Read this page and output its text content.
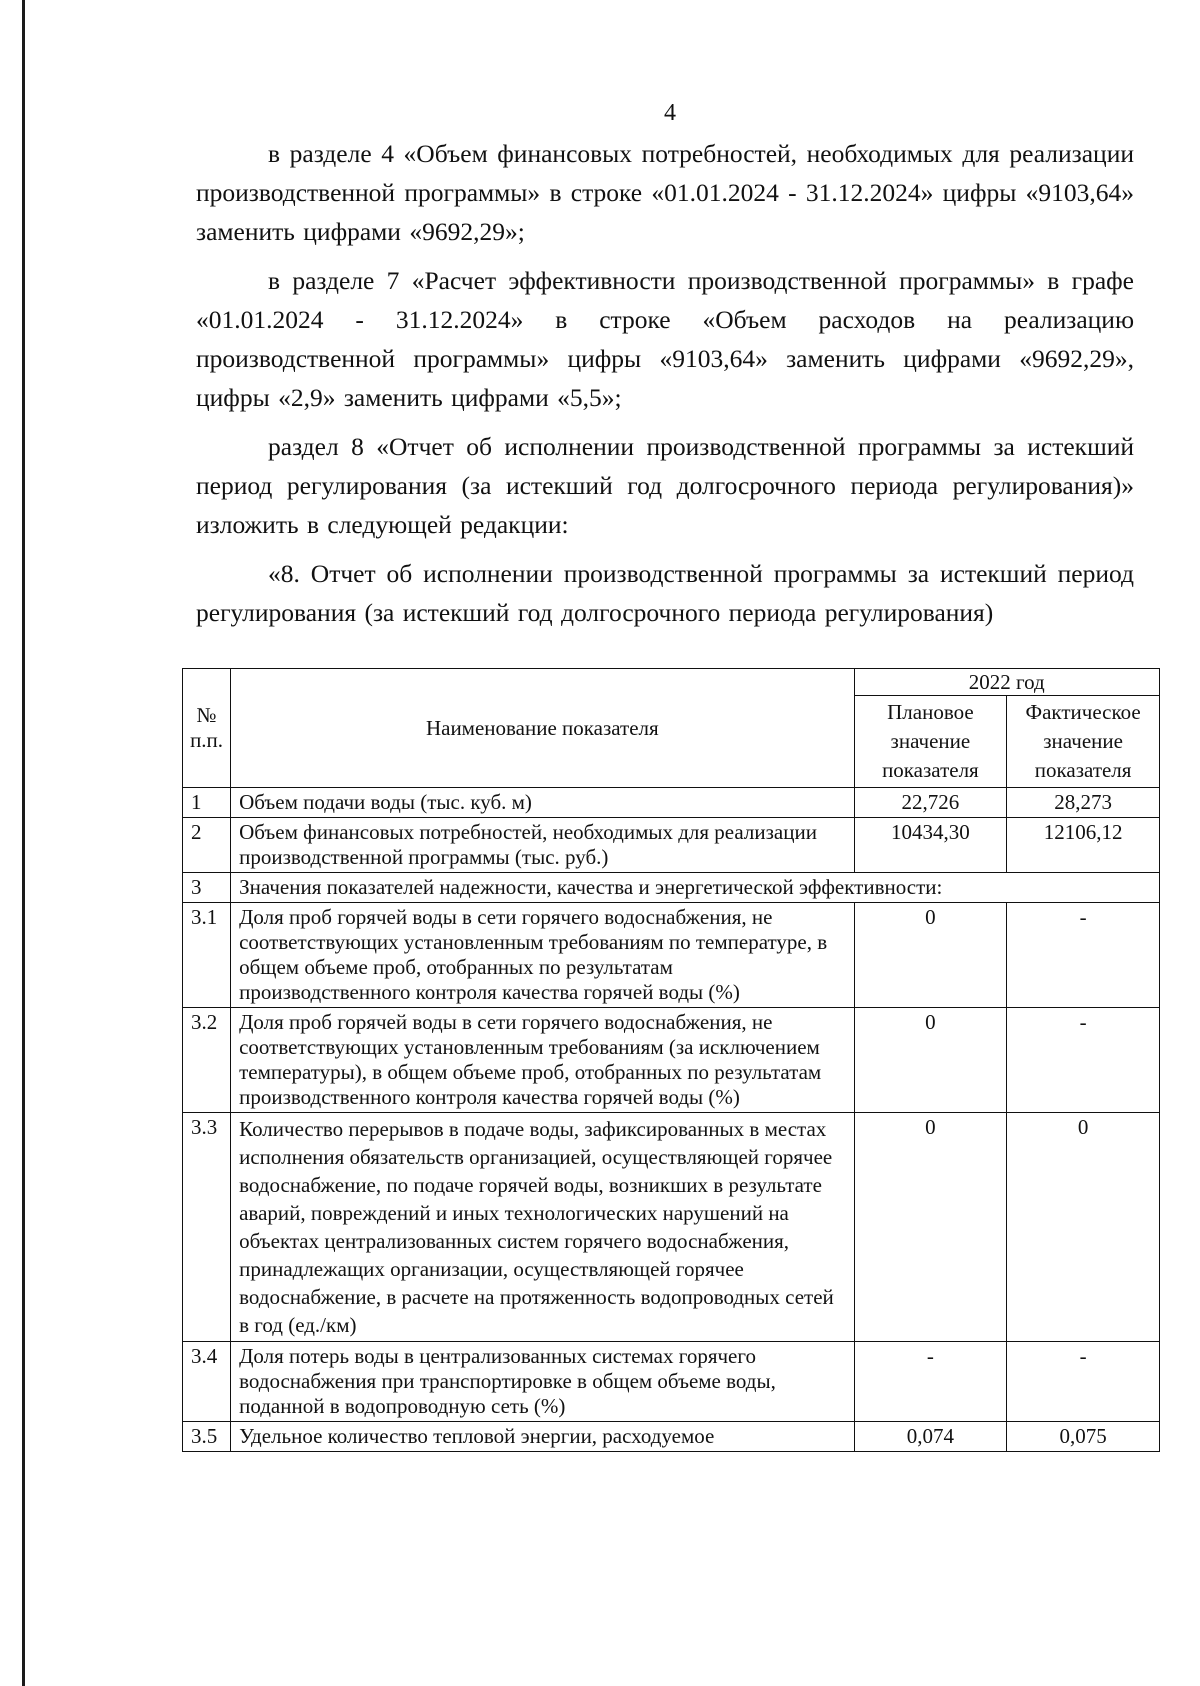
4

в разделе 4 «Объем финансовых потребностей, необходимых для реализации производственной программы» в строке «01.01.2024 - 31.12.2024» цифры «9103,64» заменить цифрами «9692,29»;

в разделе 7 «Расчет эффективности производственной программы» в графе «01.01.2024 - 31.12.2024» в строке «Объем расходов на реализацию производственной программы» цифры «9103,64» заменить цифрами «9692,29», цифры «2,9» заменить цифрами «5,5»;

раздел 8 «Отчет об исполнении производственной программы за истекший период регулирования (за истекший год долгосрочного периода регулирования)» изложить в следующей редакции:

«8. Отчет об исполнении производственной программы за истекший период регулирования (за истекший год долгосрочного периода регулирования)

№ п.п.	Наименование показателя	2022 год	
		Плановое значение показателя	Фактическое значение показателя
1	Объем подачи воды (тыс. куб. м)	22,726	28,273
2	Объем финансовых потребностей, необходимых для реализации производственной программы (тыс. руб.)	10434,30	12106,12
3	Значения показателей надежности, качества и энергетической эффективности:		
3.1	Доля проб горячей воды в сети горячего водоснабжения, не соответствующих установленным требованиям по температуре, в общем объеме проб, отобранных по результатам производственного контроля качества горячей воды (%)	0	-
3.2	Доля проб горячей воды в сети горячего водоснабжения, не соответствующих установленным требованиям (за исключением температуры), в общем объеме проб, отобранных по результатам производственного контроля качества горячей воды (%)	0	-
3.3	Количество перерывов в подаче воды, зафиксированных в местах исполнения обязательств организацией, осуществляющей горячее водоснабжение, по подаче горячей воды, возникших в результате аварий, повреждений и иных технологических нарушений на объектах централизованных систем горячего водоснабжения, принадлежащих организации, осуществляющей горячее водоснабжение, в расчете на протяженность водопроводных сетей в год (ед./км)	0	0
3.4	Доля потерь воды в централизованных системах горячего водоснабжения при транспортировке в общем объеме воды, поданной в водопроводную сеть (%)	-	-
3.5	Удельное количество тепловой энергии, расходуемое	0,074	0,075
